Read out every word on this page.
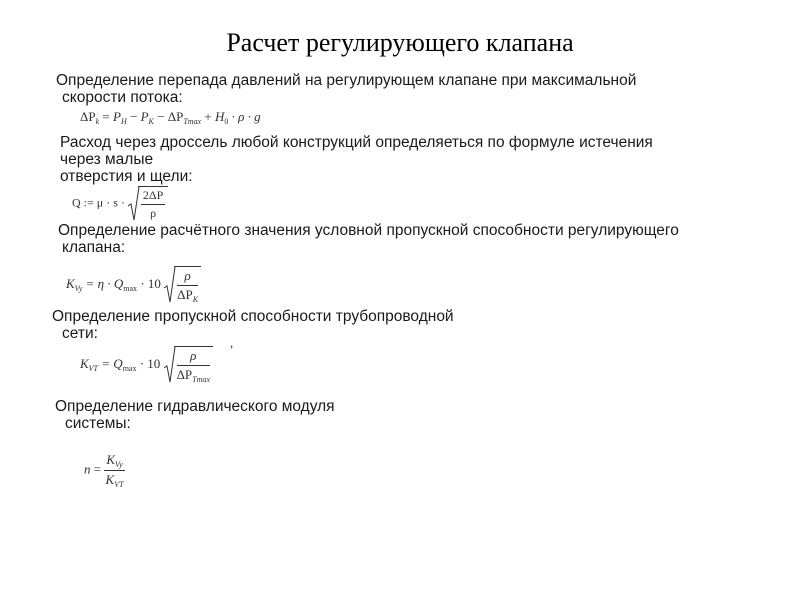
Расчет регулирующего клапана
Определение перепада давлений на регулирующем клапане при максимальной
скорости потока:
$\Delta P_k = P_H - P_K - \Delta P_{Tmax} + H_0 \cdot \rho \cdot g$
Расход через дроссель любой конструкций определяеться по формуле истечения
через малые
отверстия и щели:
Q := $\mu \cdot s \cdot \frac{2\Delta P}{\rho}$
Определение расчётного значения условной пропускной способности регулирующего
клапана:
$K_{Vy} = \eta \cdot Q_{max} \cdot 10 \frac{\rho}{\Delta P_K}$
Определение пропускной способности трубопроводной
сети:
,
$K_{VT} = Q_{max} \cdot 10 \frac{\rho}{\Delta P_{Tmax}}$
Определение гидравлического модуля
системы:
$n = \frac{K_{Vy}}{K_{VT}}$
